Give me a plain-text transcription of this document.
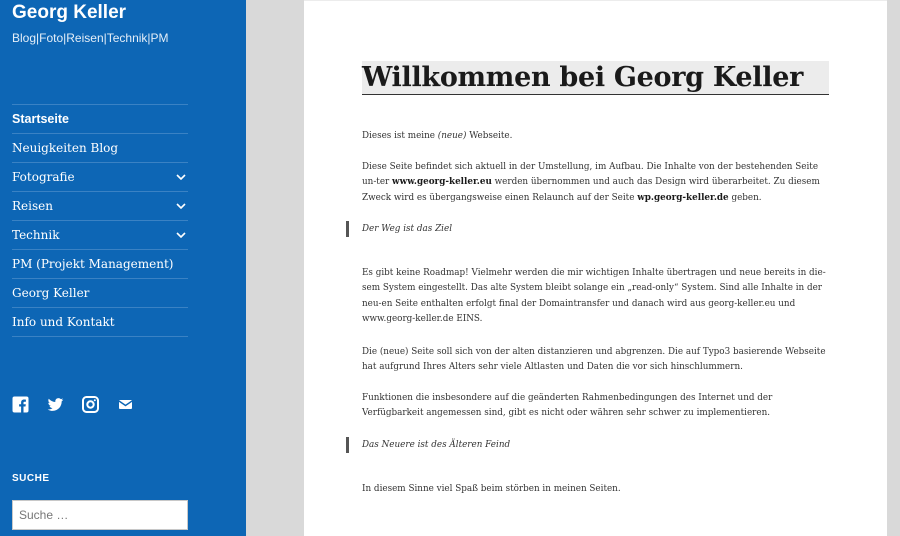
Georg Keller
Blog|Foto|Reisen|Technik|PM
Startseite
Neuigkeiten Blog
Fotografie
Reisen
Technik
PM (Projekt Management)
Georg Keller
Info und Kontakt
SUCHE
Suche …
Willkommen bei Georg Keller

Dieses ist meine (neue) Webseite.

Diese Seite befindet sich aktuell in der Umstellung, im Aufbau. Die Inhalte von der bestehenden Seite un-ter www.georg-keller.eu werden übernommen und auch das Design wird überarbeitet. Zu diesem Zweck wird es übergangsweise einen Relaunch auf der Seite wp.georg-keller.de geben.

Der Weg ist das Ziel

Es gibt keine Roadmap! Vielmehr werden die mir wichtigen Inhalte übertragen und neue bereits in die-sem System eingestellt. Das alte System bleibt solange ein „read-only“ System. Sind alle Inhalte in der neu-en Seite enthalten erfolgt final der Domaintransfer und danach wird aus georg-keller.eu und www.georg-keller.de EINS.

Die (neue) Seite soll sich von der alten distanzieren und abgrenzen. Die auf Typo3 basierende Webseite hat aufgrund Ihres Alters sehr viele Altlasten und Daten die vor sich hinschlummern.

Funktionen die insbesondere auf die geänderten Rahmenbedingungen des Internet und der Verfügbarkeit angemessen sind, gibt es nicht oder währen sehr schwer zu implementieren.

Das Neuere ist des Älteren Feind

In diesem Sinne viel Spaß beim störben in meinen Seiten.
